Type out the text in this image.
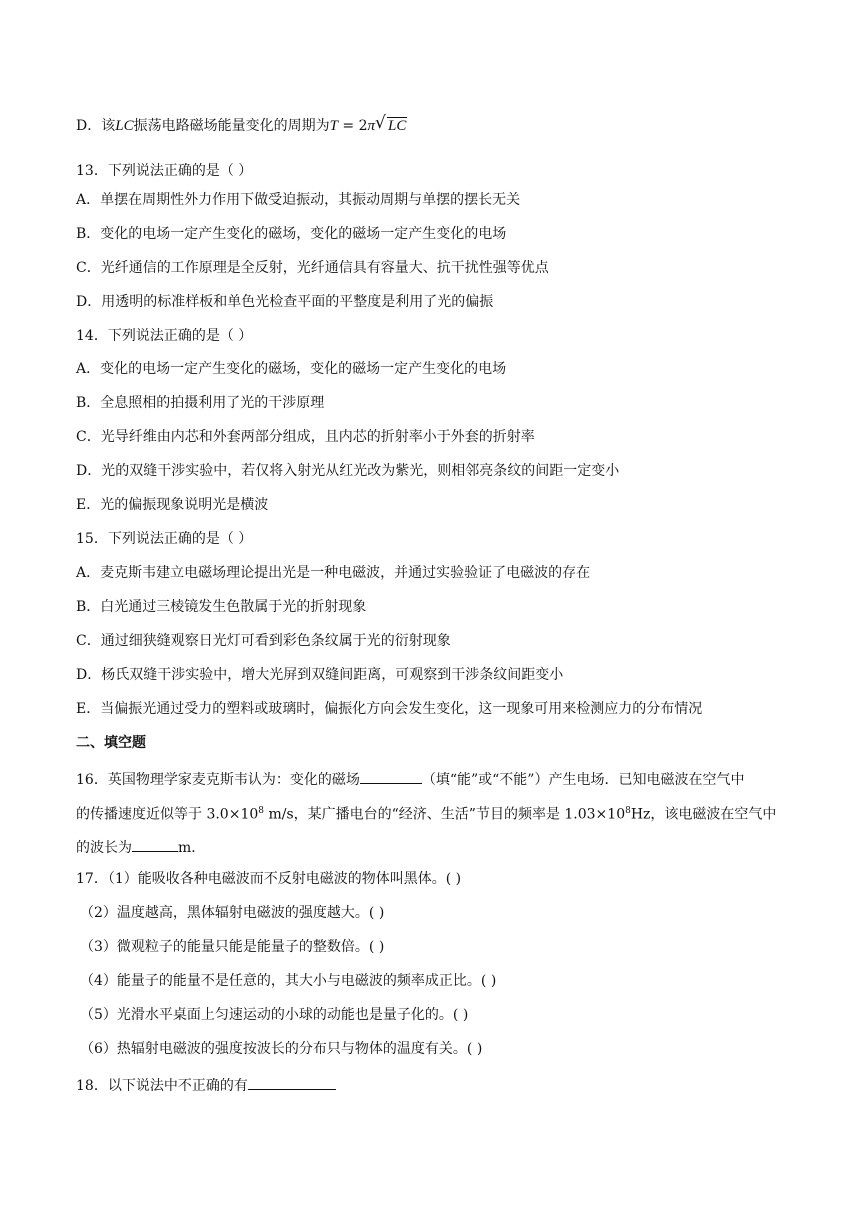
D．该LC振荡电路磁场能量变化的周期为T = 2π √ LC
13．下列说法正确的是（ ）
A．单摆在周期性外力作用下做受迫振动，其振动周期与单摆的摆长无关
B．变化的电场一定产生变化的磁场，变化的磁场一定产生变化的电场
C．光纤通信的工作原理是全反射，光纤通信具有容量大、抗干扰性强等优点
D．用透明的标准样板和单色光检查平面的平整度是利用了光的偏振
14．下列说法正确的是（ ）
A．变化的电场一定产生变化的磁场，变化的磁场一定产生变化的电场
B．全息照相的拍摄利用了光的干涉原理
C．光导纤维由内芯和外套两部分组成，且内芯的折射率小于外套的折射率
D．光的双缝干涉实验中，若仅将入射光从红光改为紫光，则相邻亮条纹的间距一定变小
E．光的偏振现象说明光是横波
15．下列说法正确的是（ ）
A．麦克斯韦建立电磁场理论提出光是一种电磁波，并通过实验验证了电磁波的存在
B．白光通过三棱镜发生色散属于光的折射现象
C．通过细狭缝观察日光灯可看到彩色条纹属于光的衍射现象
D．杨氏双缝干涉实验中，增大光屏到双缝间距离，可观察到干涉条纹间距变小
E．当偏振光通过受力的塑料或玻璃时，偏振化方向会发生变化，这一现象可用来检测应力的分布情况
二、填空题
16．英国物理学家麦克斯韦认为：变化的磁场	（填“能”或“不能”）产生电场．已知电磁波在空气中
的传播速度近似等于 $3.0\times 10^8$ m/s，某广播电台的“经济、生活”节目的频率是 $1.03\times 10^8Hz$，该电磁波在空气中
的波长为	m．
17．（1）能吸收各种电磁波而不反射电磁波的物体叫黑体。( )
（2）温度越高，黑体辐射电磁波的强度越大。( )
（3）微观粒子的能量只能是能量子的整数倍。( )
（4）能量子的能量不是任意的，其大小与电磁波的频率成正比。( )
（5）光滑水平桌面上匀速运动的小球的动能也是量子化的。( )
（6）热辐射电磁波的强度按波长的分布只与物体的温度有关。( )
18．以下说法中不正确的有
